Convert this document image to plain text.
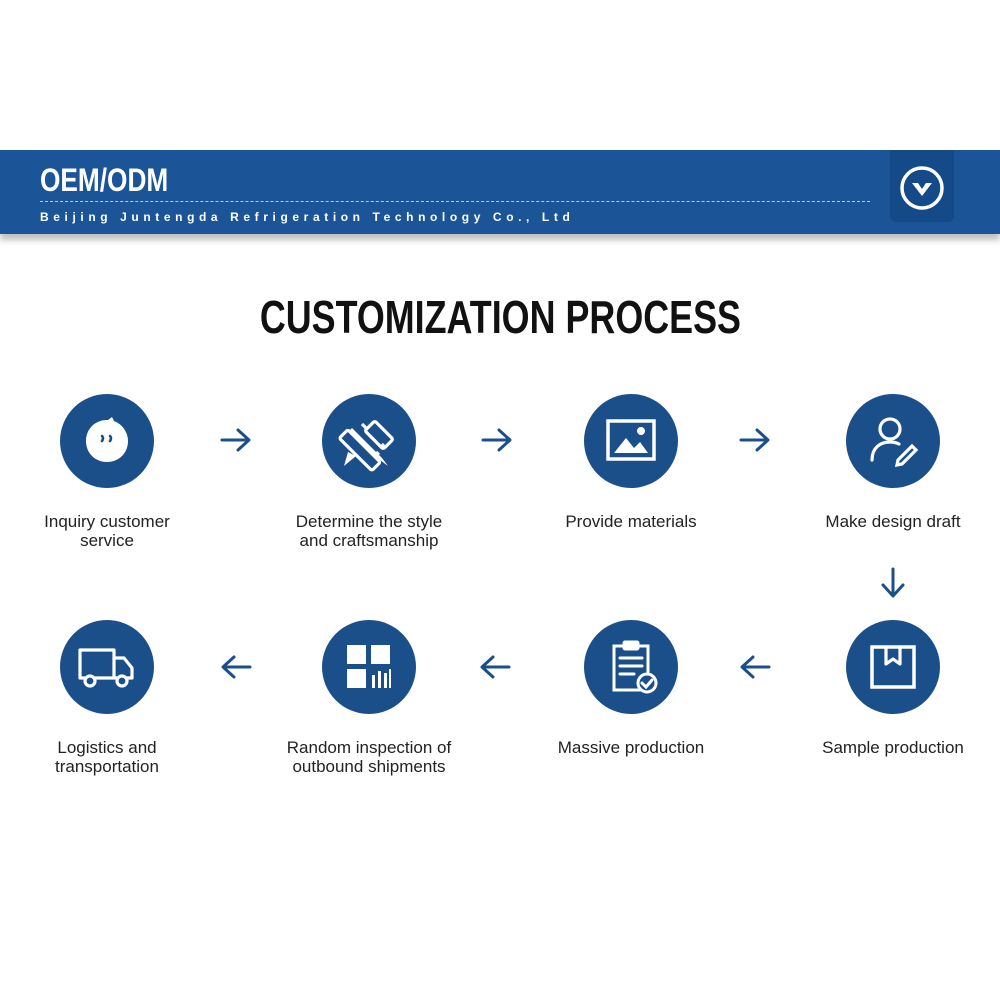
OEM/ODM
Beijing Juntengda Refrigeration Technology Co., Ltd
CUSTOMIZATION PROCESS
Inquiry customer
service
Determine the style
and craftsmanship
Provide materials	Make design draft
Sample production
Massive production
Random inspection of
outbound shipments
Logistics and
transportation
